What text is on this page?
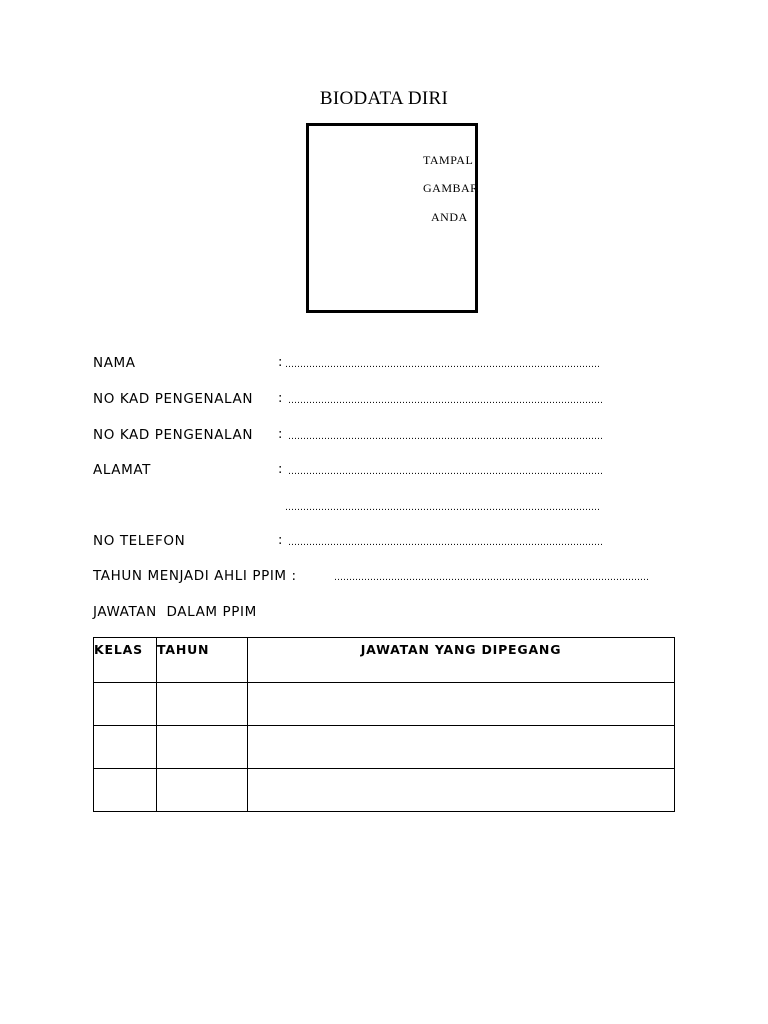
BIODATA DIRI
TAMPAL
GAMBAR
ANDA
NAMA	: ……………………………………………………………………………………………
NO KAD PENGENALAN : ……………………………………………………………………………………………
NO KAD PENGENALAN : ……………………………………………………………………………………………
ALAMAT	: ……………………………………………………………………………………………
……………………………………………………………………………………………
NO TELEFON	: ……………………………………………………………………………………………
TAHUN MENJADI AHLI PPIM :	……………………………………………………………………………………………
JAWATAN  DALAM PPIM
KELAS	TAHUN	JAWATAN YANG DIPEGANG
